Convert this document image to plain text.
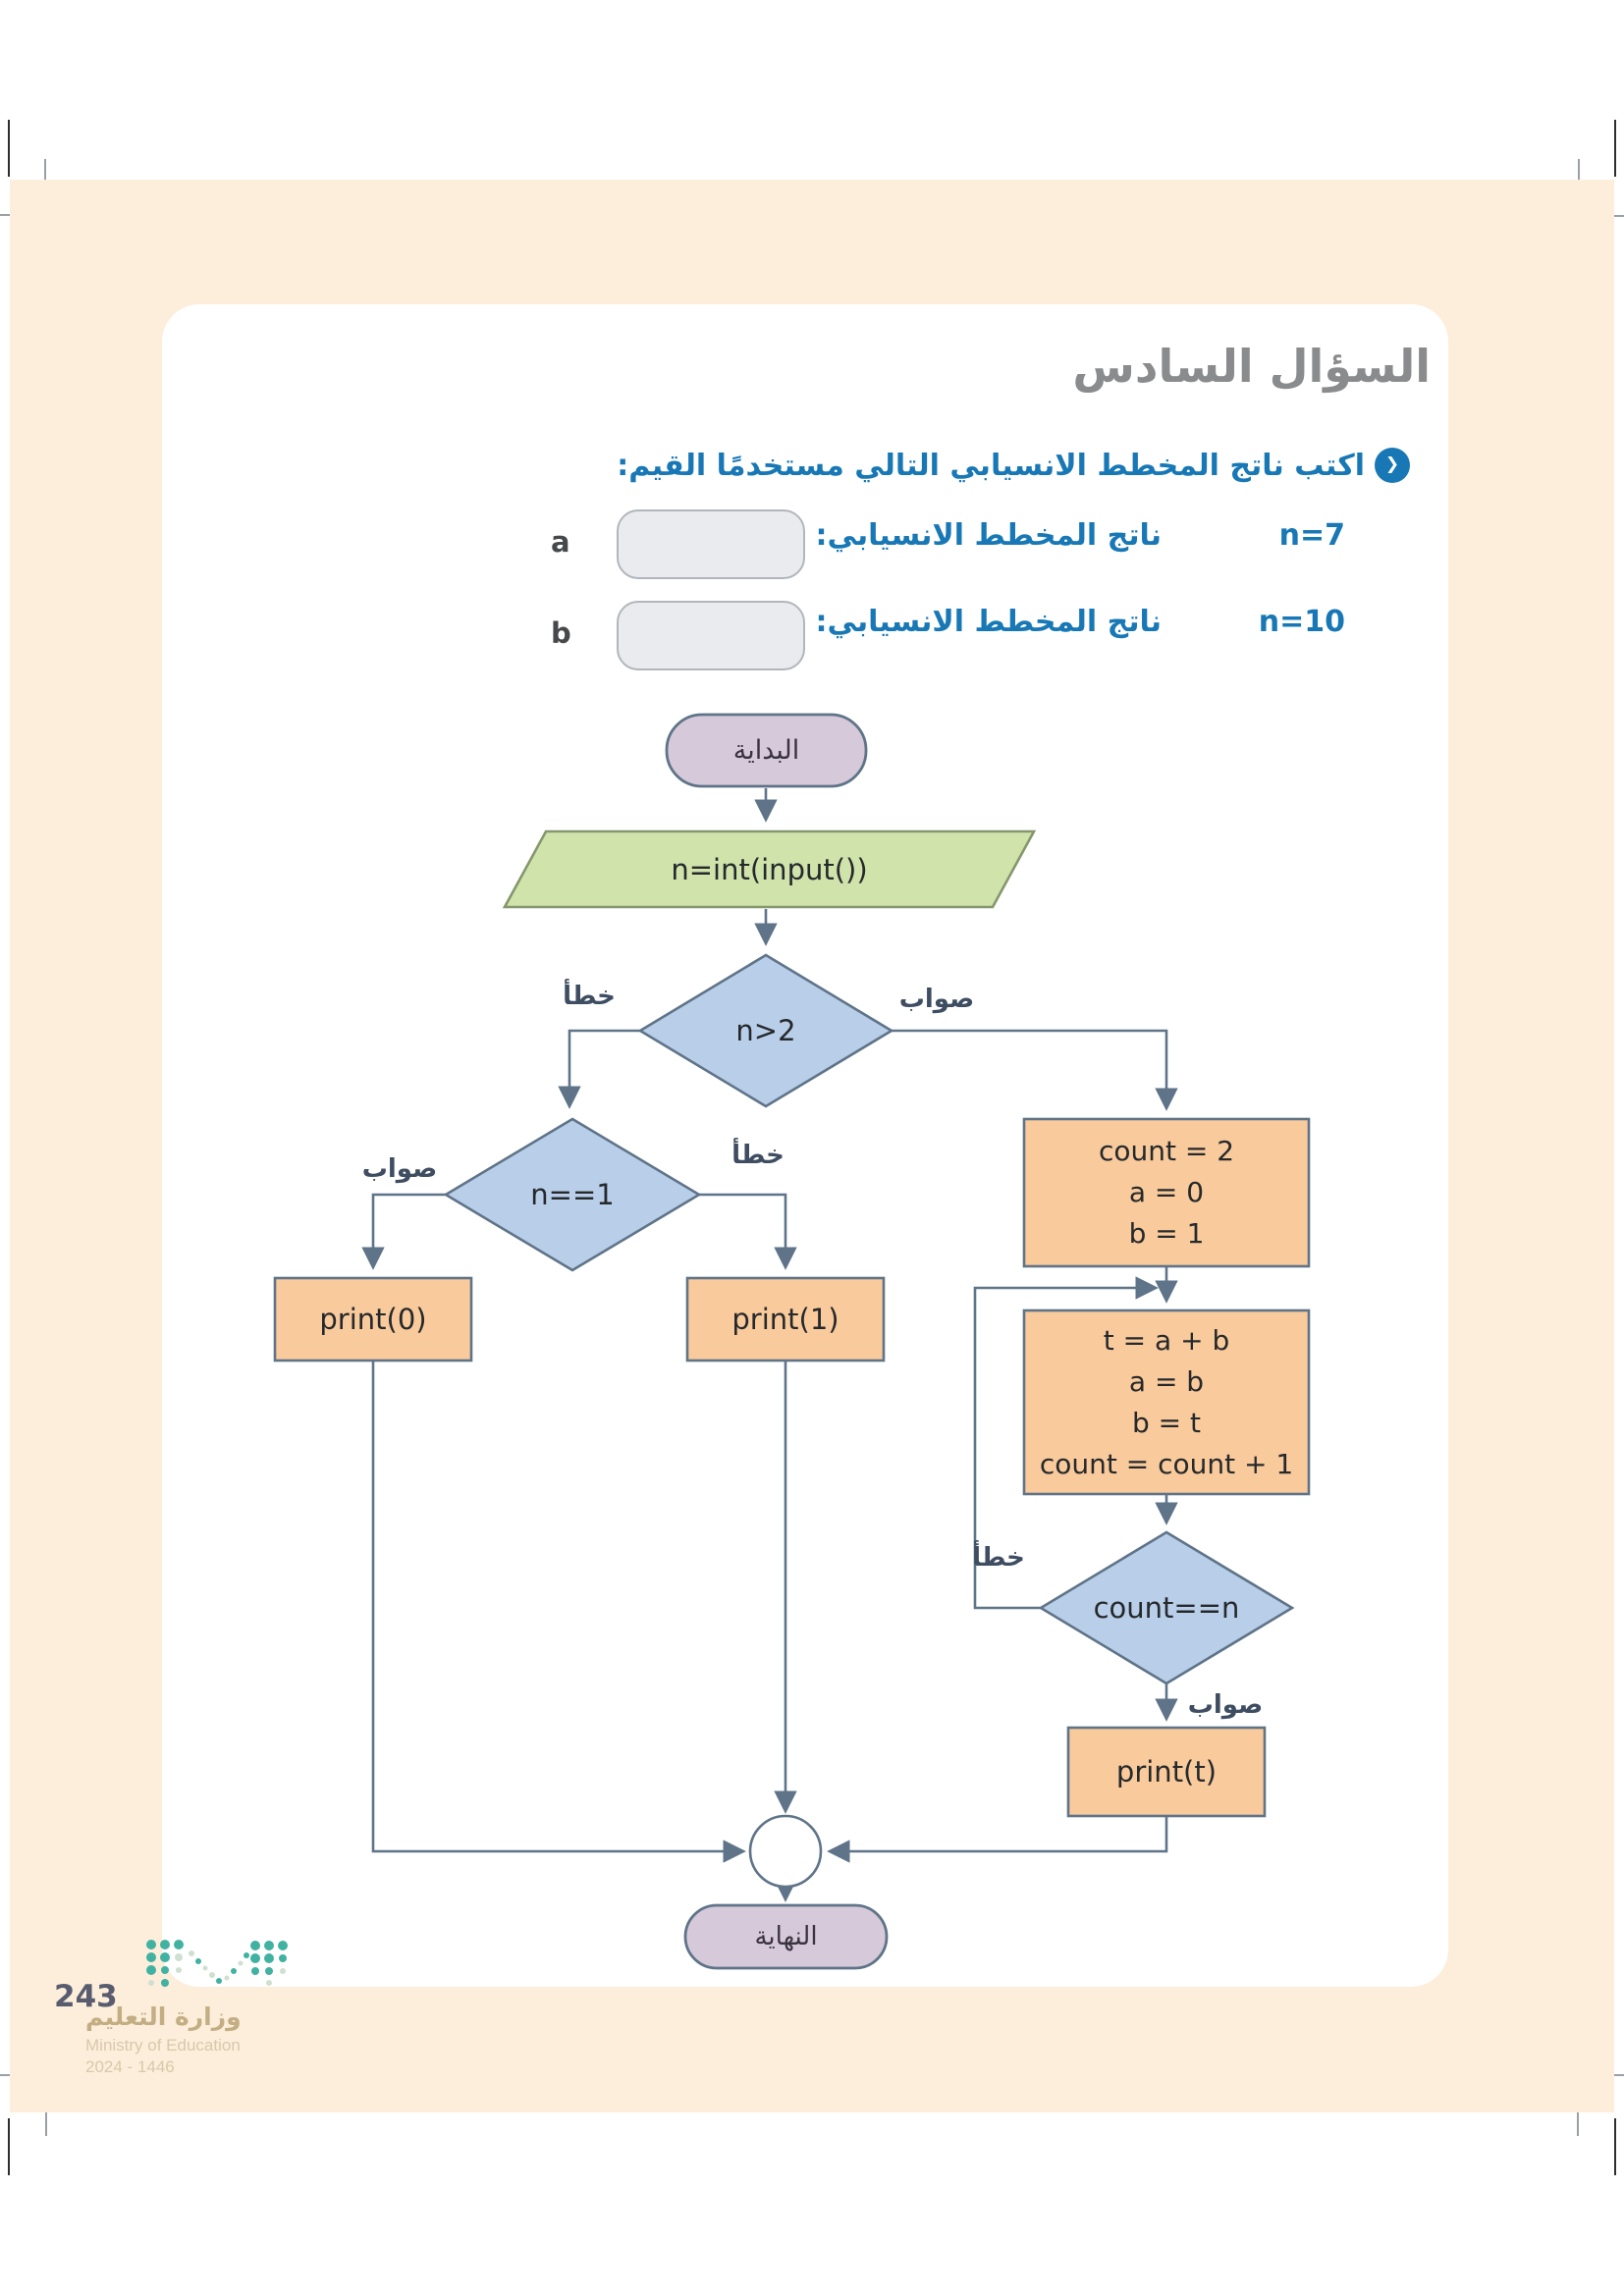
السؤال السادس
❮
اكتب ناتج المخطط الانسيابي التالي مستخدمًا القيم:
n=7
ناتج المخطط الانسيابي:
a
n=10
ناتج المخطط الانسيابي:
b
البداية
n=int(input())
n>2
n==1
count = 2
a = 0
b = 1
t = a + b
a = b
b = t
count = count + 1
print(0)	print(1)
count==n
print(t)
النهاية
خطأ	صواب
صواب	خطأ
خطأ
صواب
243
وزارة التعليم
Ministry of Education
2024 - 1446
